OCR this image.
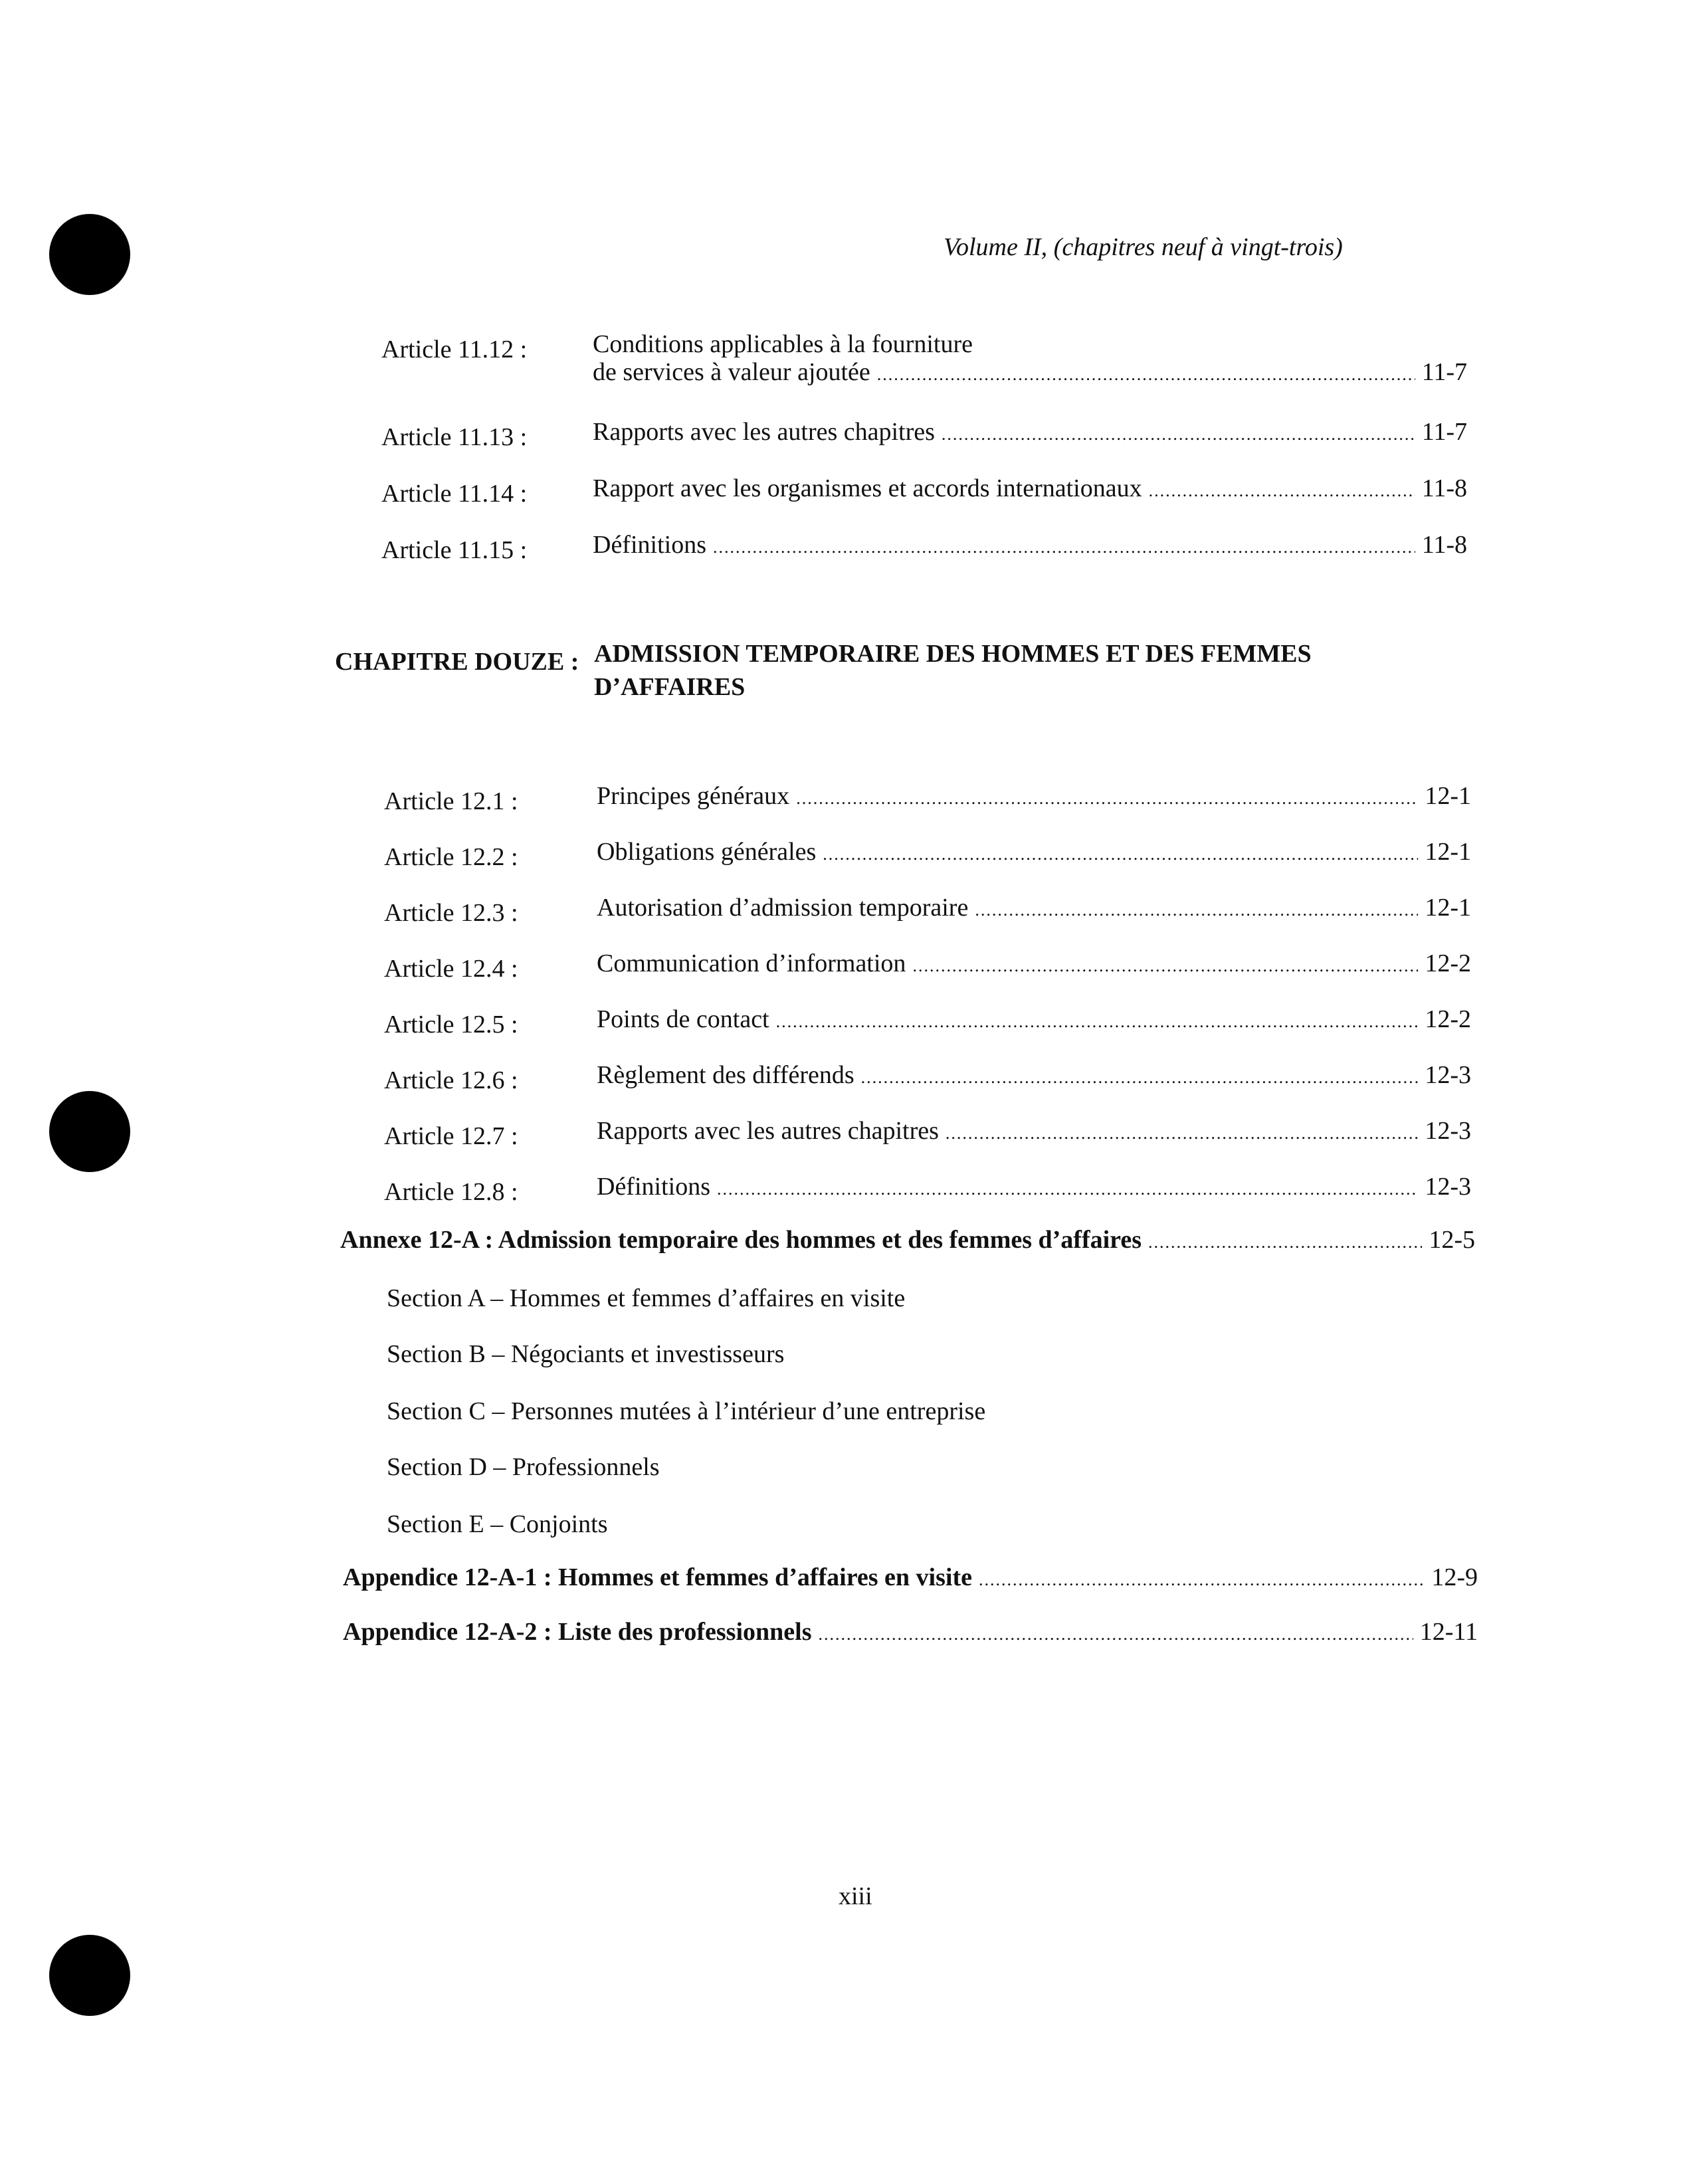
Volume II, (chapitres neuf à vingt-trois)
Article 11.12 :	Conditions applicables à la fourniture
de services à valeur ajoutée .....	11-7
Article 11.13 :	Rapports avec les autres chapitres .....	11-7
Article 11.14 :	Rapport avec les organismes et accords internationaux .....	11-8
Article 11.15 :	Définitions .....	11-8
CHAPITRE DOUZE : ADMISSION TEMPORAIRE DES HOMMES ET DES FEMMES
D’AFFAIRES
Article 12.1 :	Principes généraux .....	12-1
Article 12.2 :	Obligations générales .....	12-1
Article 12.3 :	Autorisation d’admission temporaire .....	12-1
Article 12.4 :	Communication d’information .....	12-2
Article 12.5 :	Points de contact .....	12-2
Article 12.6 :	Règlement des différends .....	12-3
Article 12.7 :	Rapports avec les autres chapitres .....	12-3
Article 12.8 :	Définitions .....	12-3
Annexe 12-A : Admission temporaire des hommes et des femmes d’affaires .....	12-5
Section A – Hommes et femmes d’affaires en visite
Section B – Négociants et investisseurs
Section C – Personnes mutées à l’intérieur d’une entreprise
Section D – Professionnels
Section E – Conjoints
Appendice 12-A-1 : Hommes et femmes d’affaires en visite .....	12-9
Appendice 12-A-2 : Liste des professionnels .....	12-11
xiii
